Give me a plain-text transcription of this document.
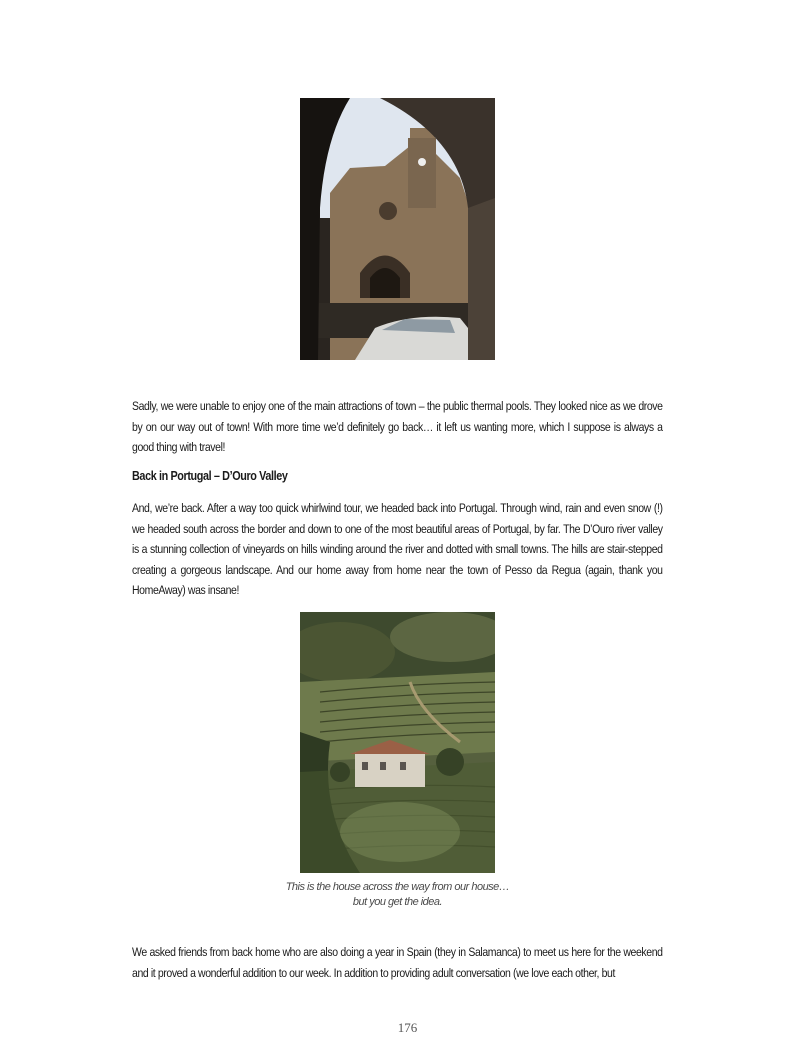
Sadly, we were unable to enjoy one of the main attractions of town – the public thermal pools. They looked nice as we drove by on our way out of town! With more time we’d definitely go back… it left us wanting more, which I suppose is always a good thing with travel!
Back in Portugal – D’Ouro Valley
And, we’re back. After a way too quick whirlwind tour, we headed back into Portugal. Through wind, rain and even snow (!) we headed south across the border and down to one of the most beautiful areas of Portugal, by far. The D’Ouro river valley is a stunning collection of vineyards on hills winding around the river and dotted with small towns. The hills are stair-stepped creating a gorgeous landscape. And our home away from home near the town of Pesso da Regua (again, thank you HomeAway) was insane!
This is the house across the way from our house…
but you get the idea.
We asked friends from back home who are also doing a year in Spain (they in Salamanca) to meet us here for the weekend and it proved a wonderful addition to our week. In addition to providing adult conversation (we love each other, but
176
